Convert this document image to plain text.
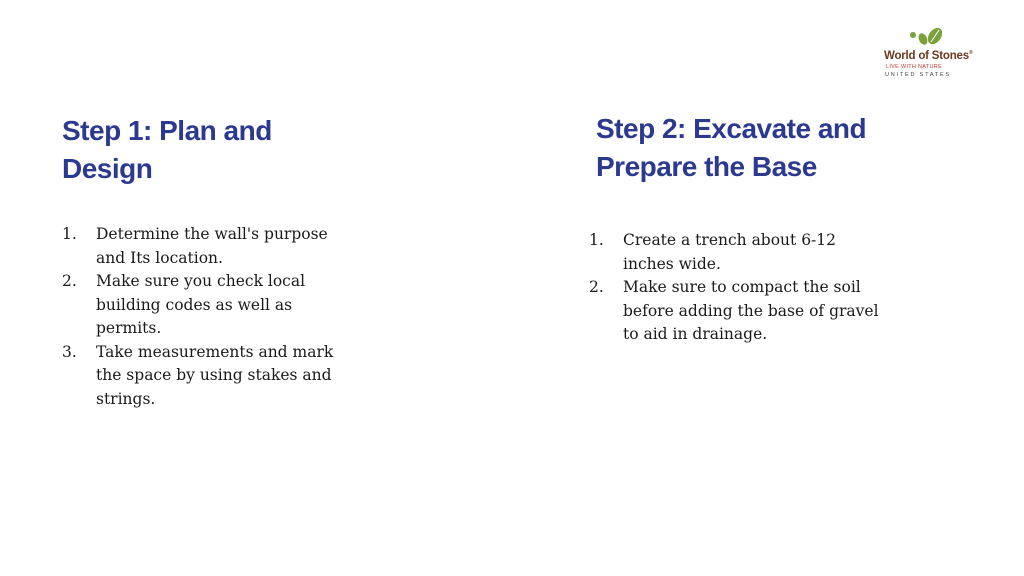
World of Stones®
LIVE WITH NATURE
UNITED STATES
Step 1: Plan and Design
1. Determine the wall's purpose and Its location.
2. Make sure you check local building codes as well as permits.
3. Take measurements and mark the space by using stakes and strings.
Step 2: Excavate and Prepare the Base
1. Create a trench about 6-12 inches wide.
2. Make sure to compact the soil before adding the base of gravel to aid in drainage.
